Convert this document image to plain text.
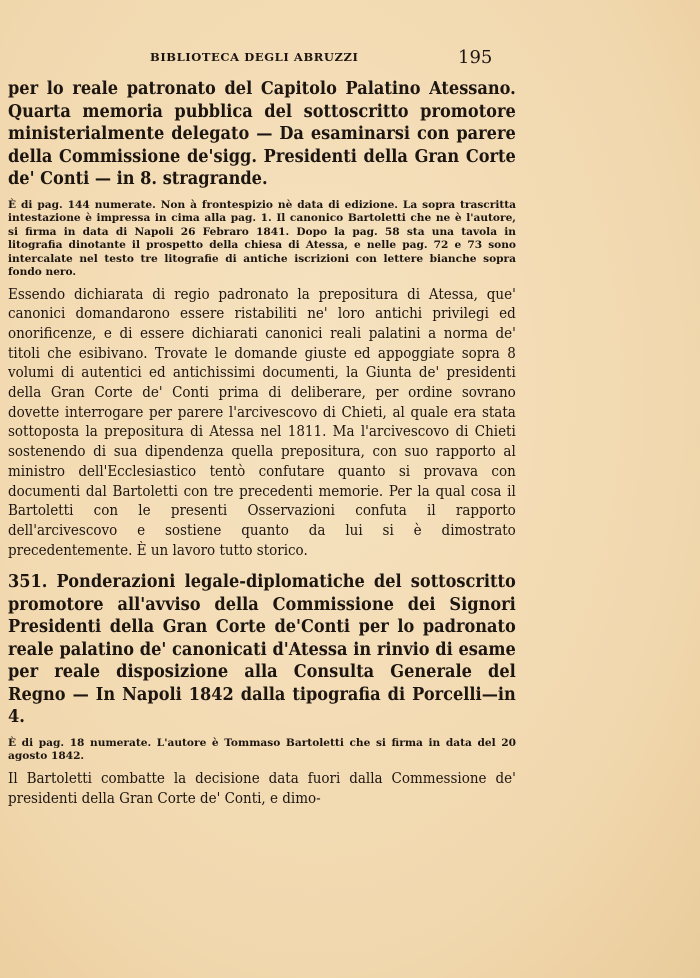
BIBLIOTECA DEGLI ABRUZZI	195

per lo reale patronato del Capitolo Palatino Atessano. Quarta memoria pubblica del sottoscritto promotore ministerialmente delegato — Da esaminarsi con parere della Commissione de'sigg. Presidenti della Gran Corte de' Conti — in 8. stragrande.

È di pag. 144 numerate. Non à frontespizio nè data di edizione. La sopra trascritta intestazione è impressa in cima alla pag. 1. Il canonico Bartoletti che ne è l'autore, si firma in data di Napoli 26 Febraro 1841. Dopo la pag. 58 sta una tavola in litografia dinotante il prospetto della chiesa di Atessa, e nelle pag. 72 e 73 sono intercalate nel testo tre litografie di antiche iscrizioni con lettere bianche sopra fondo nero.

Essendo dichiarata di regio padronato la prepositura di Atessa, que' canonici domandarono essere ristabiliti ne' loro antichi privilegi ed onorificenze, e di essere dichiarati canonici reali palatini a norma de' titoli che esibivano. Trovate le domande giuste ed appoggiate sopra 8 volumi di autentici ed antichissimi documenti, la Giunta de' presidenti della Gran Corte de' Conti prima di deliberare, per ordine sovrano dovette interrogare per parere l'arcivescovo di Chieti, al quale era stata sottoposta la prepositura di Atessa nel 1811. Ma l'arcivescovo di Chieti sostenendo di sua dipendenza quella prepositura, con suo rapporto al ministro dell'Ecclesiastico tentò confutare quanto si provava con documenti dal Bartoletti con tre precedenti memorie. Per la qual cosa il Bartoletti con le presenti Osservazioni confuta il rapporto dell'arcivescovo e sostiene quanto da lui si è dimostrato precedentemente. È un lavoro tutto storico.

351. Ponderazioni legale-diplomatiche del sottoscritto promotore all'avviso della Commissione dei Signori Presidenti della Gran Corte de'Conti per lo padronato reale palatino de' canonicati d'Atessa in rinvio di esame per reale disposizione alla Consulta Generale del Regno — In Napoli 1842 dalla tipografia di Porcelli—in 4.

È di pag. 18 numerate. L'autore è Tommaso Bartoletti che si firma in data del 20 agosto 1842.

Il Bartoletti combatte la decisione data fuori dalla Commessione de' presidenti della Gran Corte de' Conti, e dimo-
